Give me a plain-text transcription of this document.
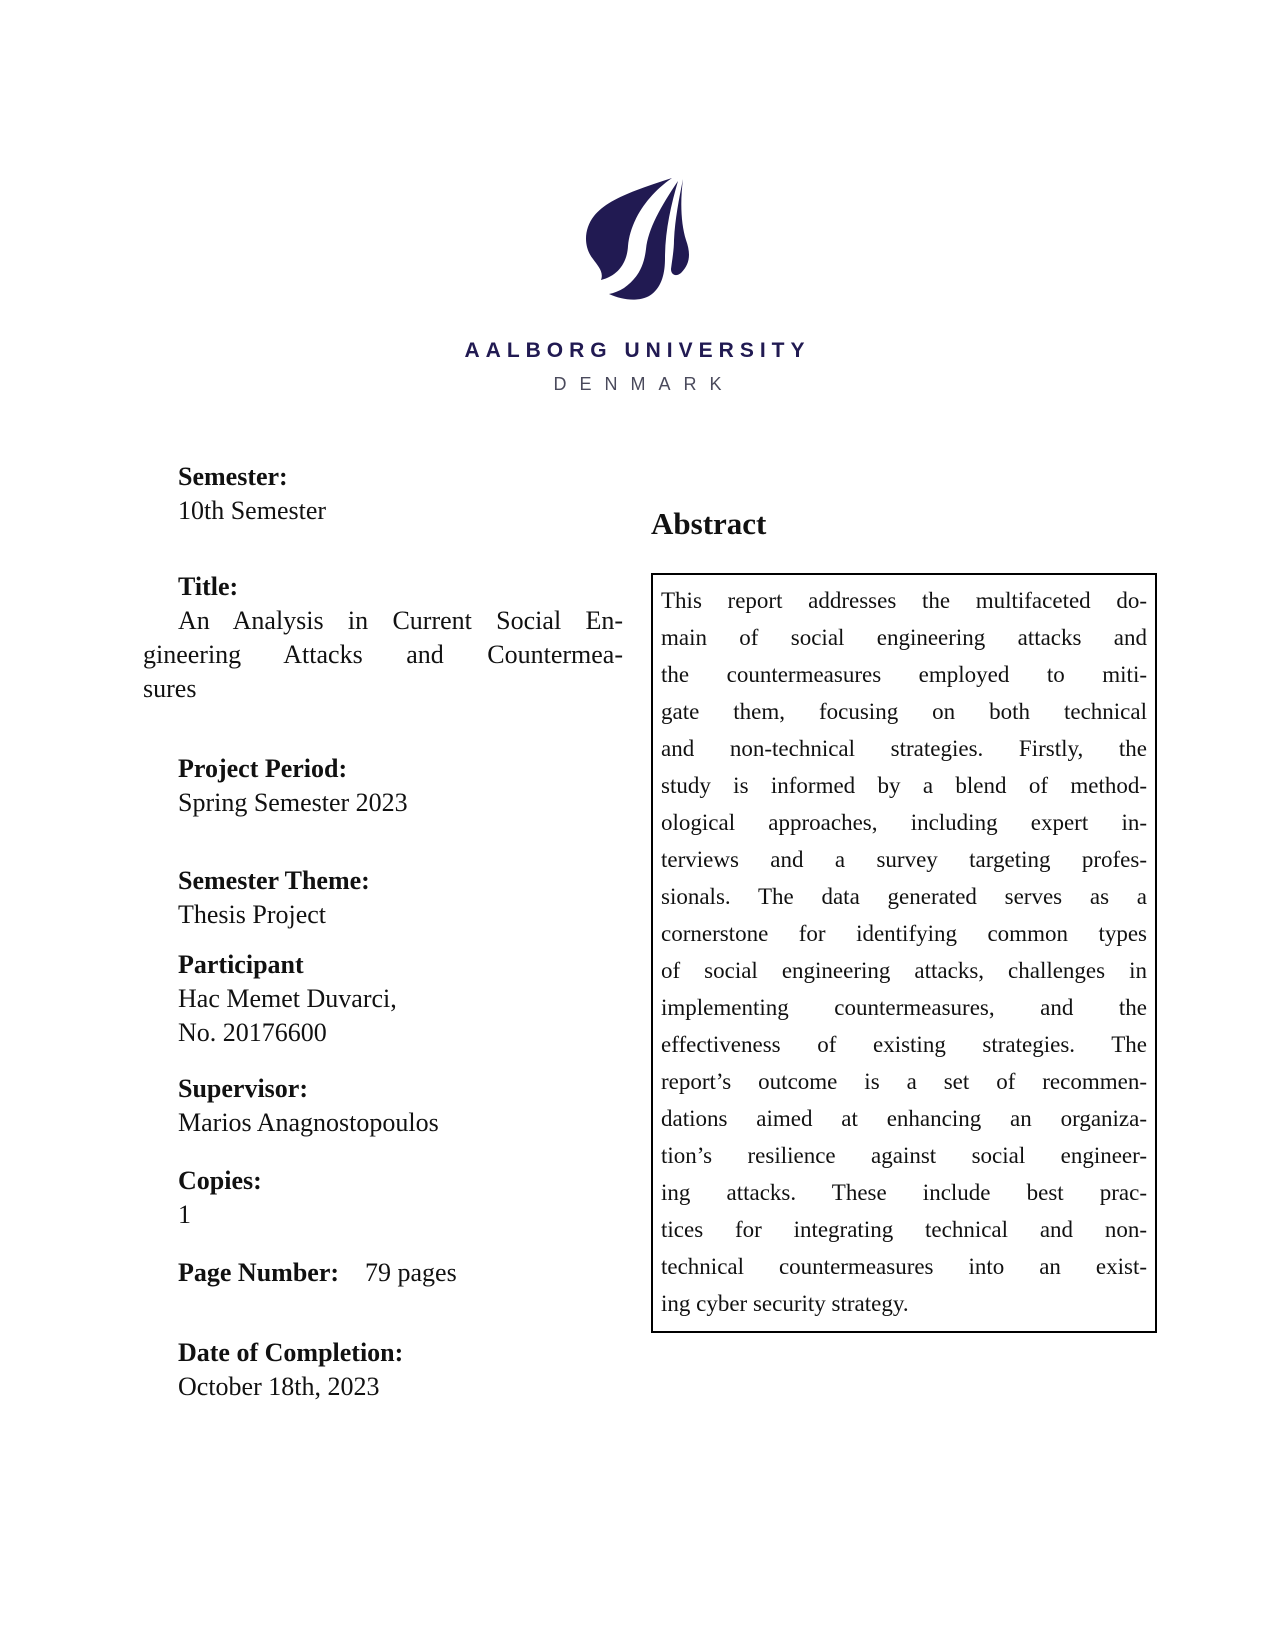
AALBORG UNIVERSITY
DENMARK
Semester:
10th Semester
Title:
An Analysis in Current Social En-
gineering Attacks and Countermea-
sures
Project Period:
Spring Semester 2023
Semester Theme:
Thesis Project
Participant
Hac Memet Duvarci,
No. 20176600
Supervisor:
Marios Anagnostopoulos
Copies:
1
Page Number: 79 pages
Date of Completion:
October 18th, 2023
Abstract
This report addresses the multifaceted do-
main of social engineering attacks and
the countermeasures employed to miti-
gate them, focusing on both technical
and non-technical strategies. Firstly, the
study is informed by a blend of method-
ological approaches, including expert in-
terviews and a survey targeting profes-
sionals. The data generated serves as a
cornerstone for identifying common types
of social engineering attacks, challenges in
implementing countermeasures, and the
effectiveness of existing strategies. The
report’s outcome is a set of recommen-
dations aimed at enhancing an organiza-
tion’s resilience against social engineer-
ing attacks. These include best prac-
tices for integrating technical and non-
technical countermeasures into an exist-
ing cyber security strategy.
